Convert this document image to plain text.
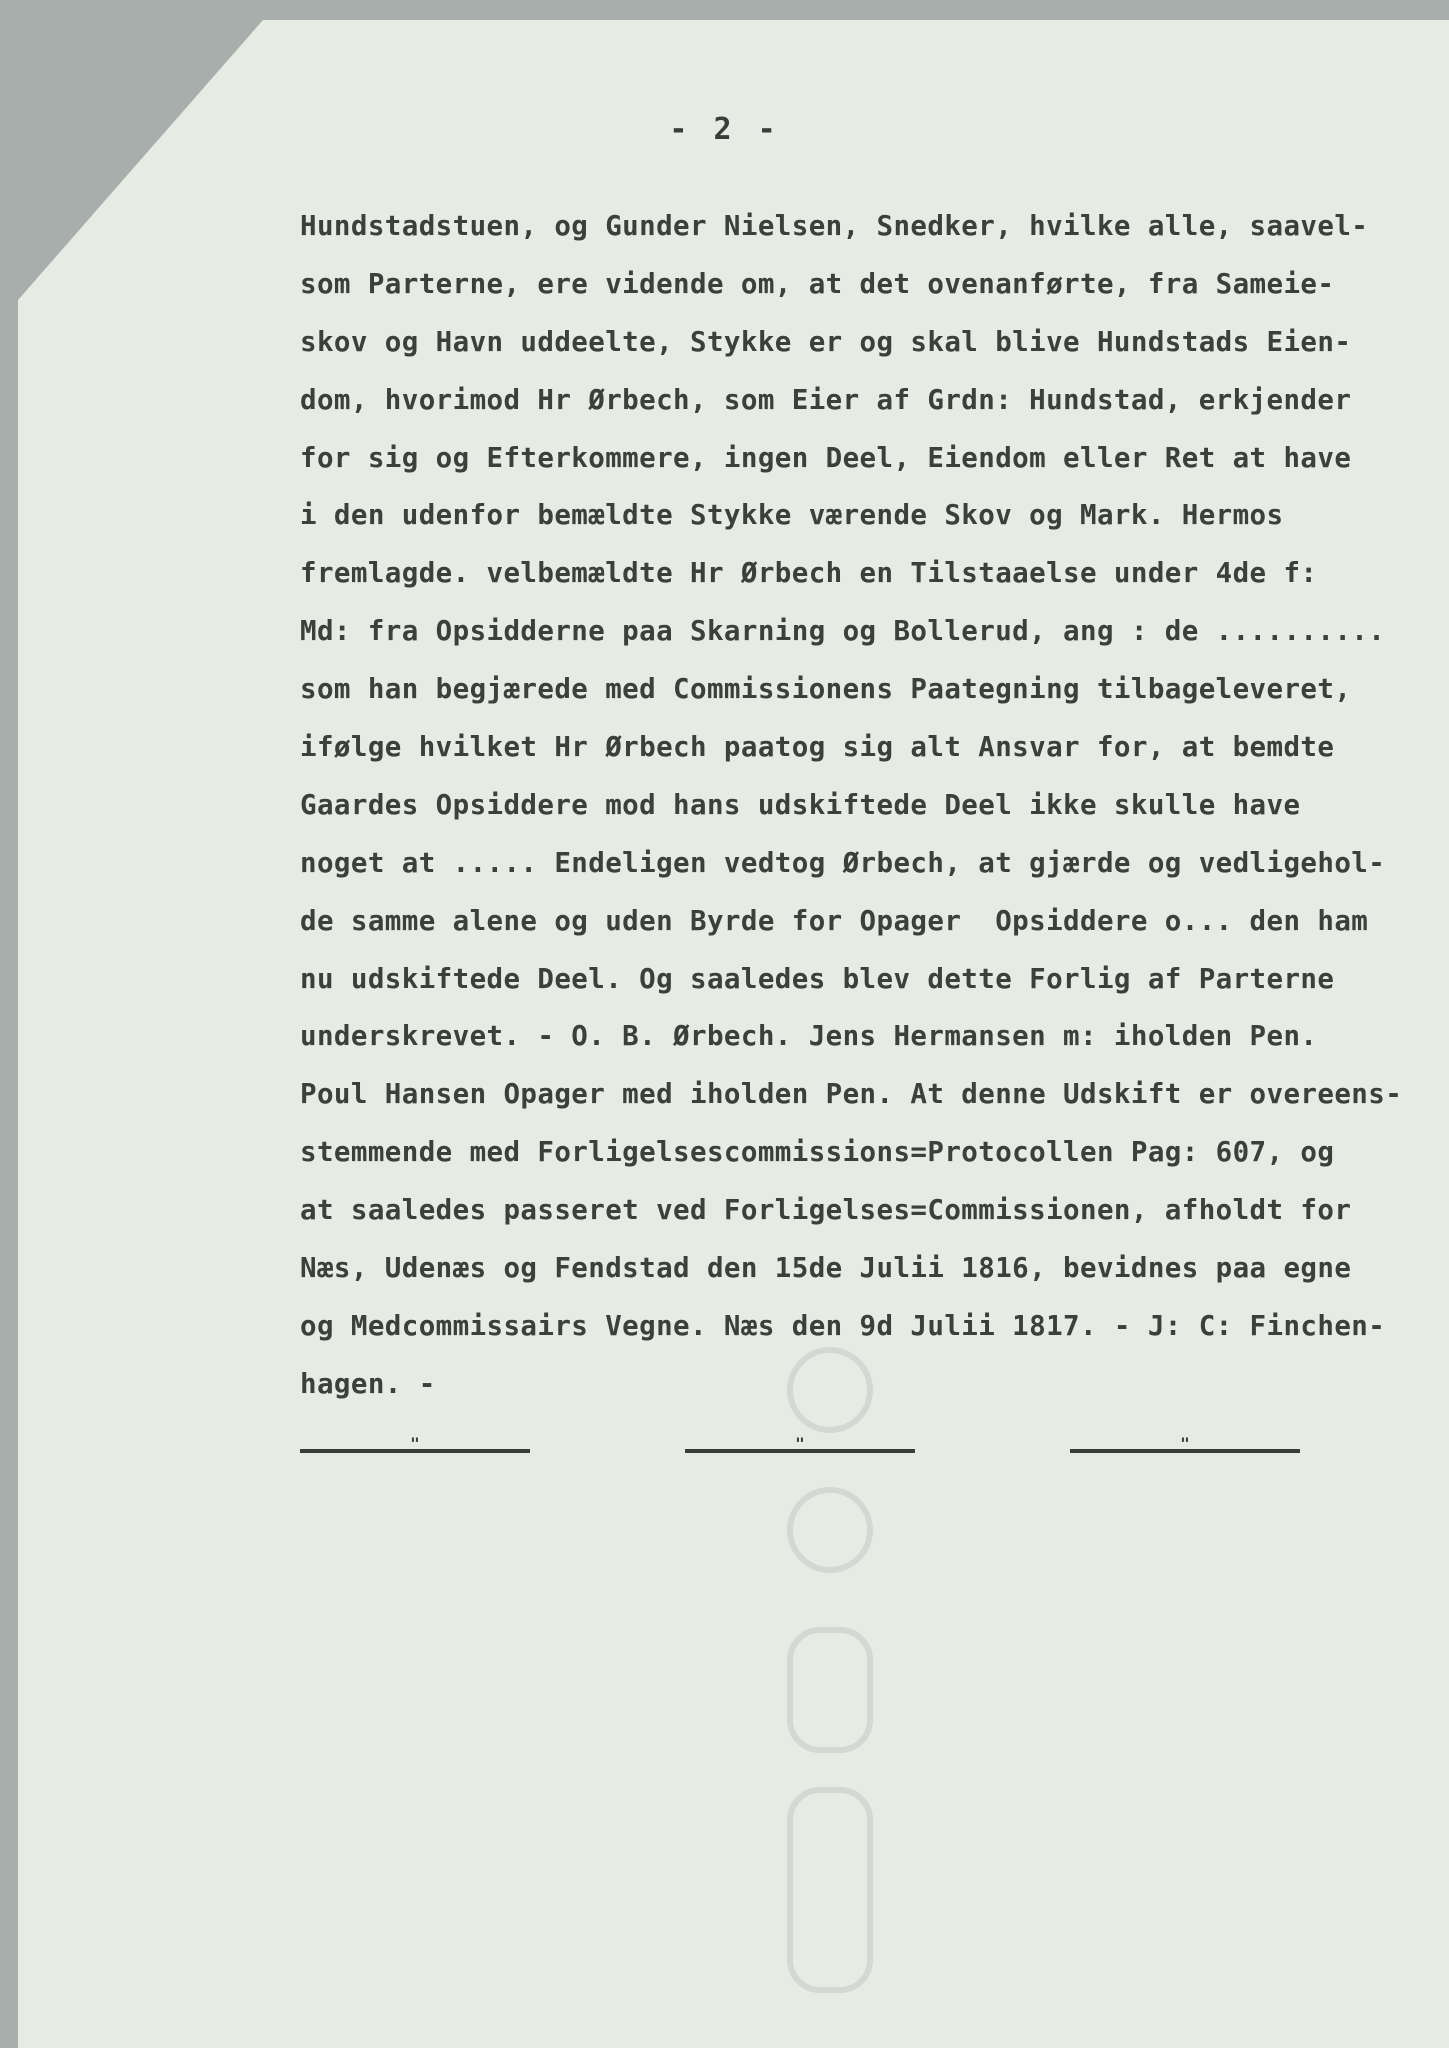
- 2 -
Hundstadstuen, og Gunder Nielsen, Snedker, hvilke alle, saavel-
som Parterne, ere vidende om, at det ovenanførte, fra Sameie-
skov og Havn uddeelte, Stykke er og skal blive Hundstads Eien-
dom, hvorimod Hr Ørbech, som Eier af Grdn: Hundstad, erkjender
for sig og Efterkommere, ingen Deel, Eiendom eller Ret at have
i den udenfor bemældte Stykke værende Skov og Mark. Hermos
fremlagde. velbemældte Hr Ørbech en Tilstaaelse under 4de f:
Md: fra Opsidderne paa Skarning og Bollerud, ang : de ..........
som han begjærede med Commissionens Paategning tilbageleveret,
ifølge hvilket Hr Ørbech paatog sig alt Ansvar for, at bemdte
Gaardes Opsiddere mod hans udskiftede Deel ikke skulle have
noget at ..... Endeligen vedtog Ørbech, at gjærde og vedligehol-
de samme alene og uden Byrde for Opager  Opsiddere o... den ham
nu udskiftede Deel. Og saaledes blev dette Forlig af Parterne
underskrevet. - O. B. Ørbech. Jens Hermansen m: iholden Pen.
Poul Hansen Opager med iholden Pen. At denne Udskift er overeens-
stemmende med Forligelsescommissions=Protocollen Pag: 607, og
at saaledes passeret ved Forligelses=Commissionen, afholdt for
Næs, Udenæs og Fendstad den 15de Julii 1816, bevidnes paa egne
og Medcommissairs Vegne. Næs den 9d Julii 1817. - J: C: Finchen-
hagen. -
"	"	"
